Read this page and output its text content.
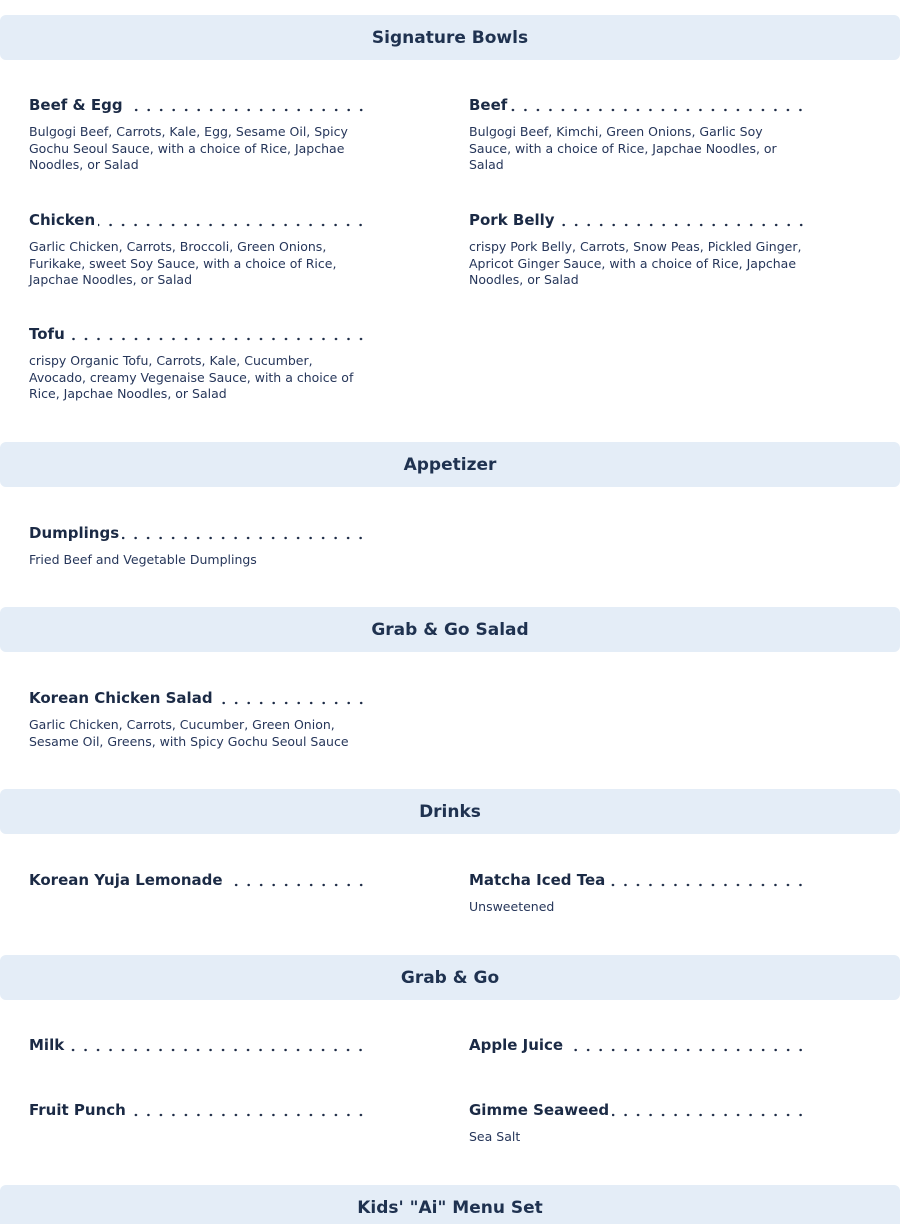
Signature Bowls
Beef & Egg
Bulgogi Beef, Carrots, Kale, Egg, Sesame Oil, Spicy Gochu Seoul Sauce, with a choice of Rice, Japchae Noodles, or Salad
Beef
Bulgogi Beef, Kimchi, Green Onions, Garlic Soy Sauce, with a choice of Rice, Japchae Noodles, or Salad
Chicken
Garlic Chicken, Carrots, Broccoli, Green Onions, Furikake, sweet Soy Sauce, with a choice of Rice, Japchae Noodles, or Salad
Pork Belly
crispy Pork Belly, Carrots, Snow Peas, Pickled Ginger, Apricot Ginger Sauce, with a choice of Rice, Japchae Noodles, or Salad
Tofu
crispy Organic Tofu, Carrots, Kale, Cucumber, Avocado, creamy Vegenaise Sauce, with a choice of Rice, Japchae Noodles, or Salad
Appetizer
Dumplings
Fried Beef and Vegetable Dumplings
Grab & Go Salad
Korean Chicken Salad
Garlic Chicken, Carrots, Cucumber, Green Onion, Sesame Oil, Greens, with Spicy Gochu Seoul Sauce
Drinks
Korean Yuja Lemonade	Matcha Iced Tea
Unsweetened
Grab & Go
Milk	Apple Juice
Fruit Punch	Gimme Seaweed
Sea Salt
Kids' "Ai" Menu Set
